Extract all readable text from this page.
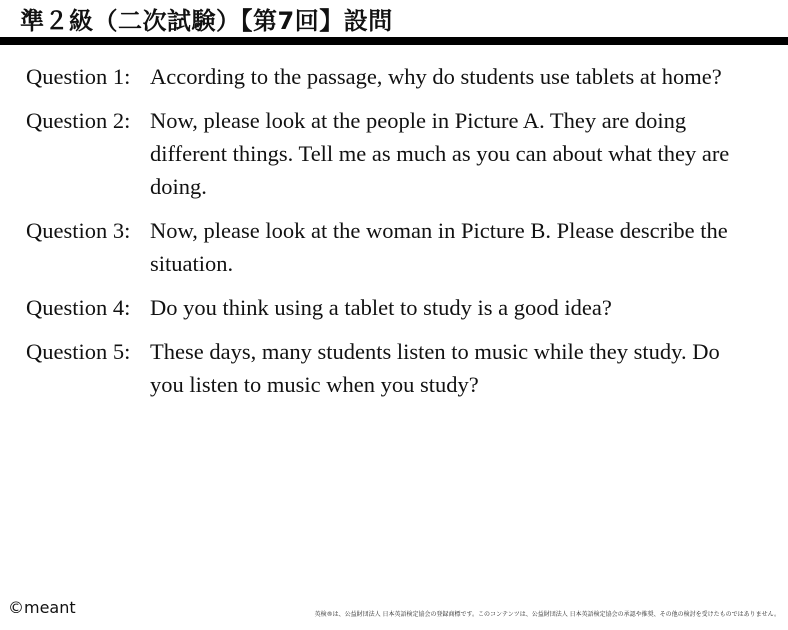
準２級（二次試験）【第7回】設問
Question 1: According to the passage, why do students use tablets at home?
Question 2: Now, please look at the people in Picture A. They are doing different things. Tell me as much as you can about what they are doing.
Question 3: Now, please look at the woman in Picture B. Please describe the situation.
Question 4: Do you think using a tablet to study is a good idea?
Question 5: These days, many students listen to music while they study. Do you listen to music when you study?
©meant	英検®は、公益財団法人 日本英語検定協会の登録商標です。このコンテンツは、公益財団法人 日本英語検定協会の承認や推奨、その他の検討を受けたものではありません。
